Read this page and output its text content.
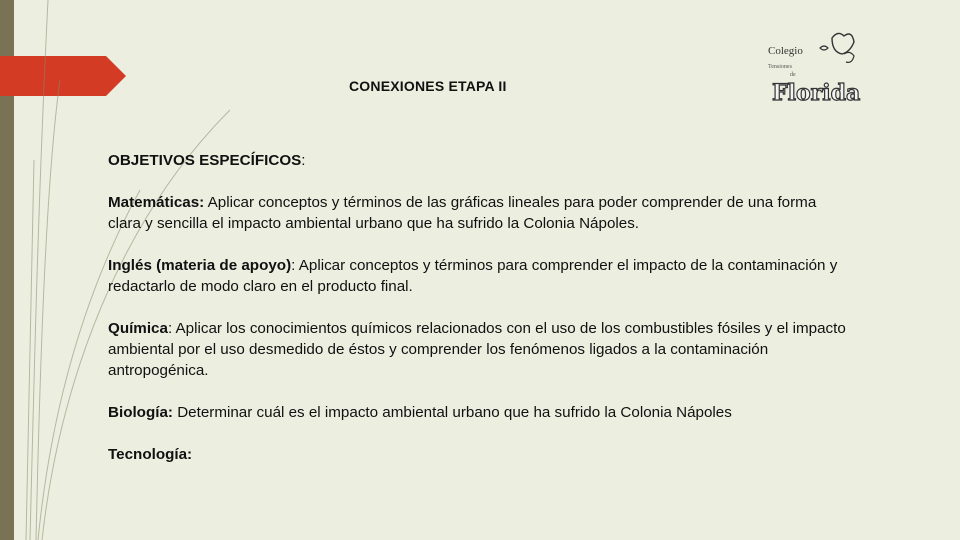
CONEXIONES ETAPA II
Colegio
Tensiones
de
Florida

OBJETIVOS ESPECÍFICOS:

Matemáticas: Aplicar conceptos y términos de las gráficas lineales para poder comprender de una forma clara y sencilla el impacto ambiental urbano que ha sufrido la Colonia Nápoles.

Inglés (materia de apoyo): Aplicar conceptos y términos para comprender el impacto de la contaminación y redactarlo de modo claro en el producto final.

Química: Aplicar los conocimientos químicos relacionados con el uso de los combustibles fósiles y el impacto ambiental por el uso desmedido de éstos y comprender los fenómenos ligados a la contaminación antropogénica.

Biología: Determinar cuál es el impacto ambiental urbano que ha sufrido la Colonia Nápoles

Tecnología:
